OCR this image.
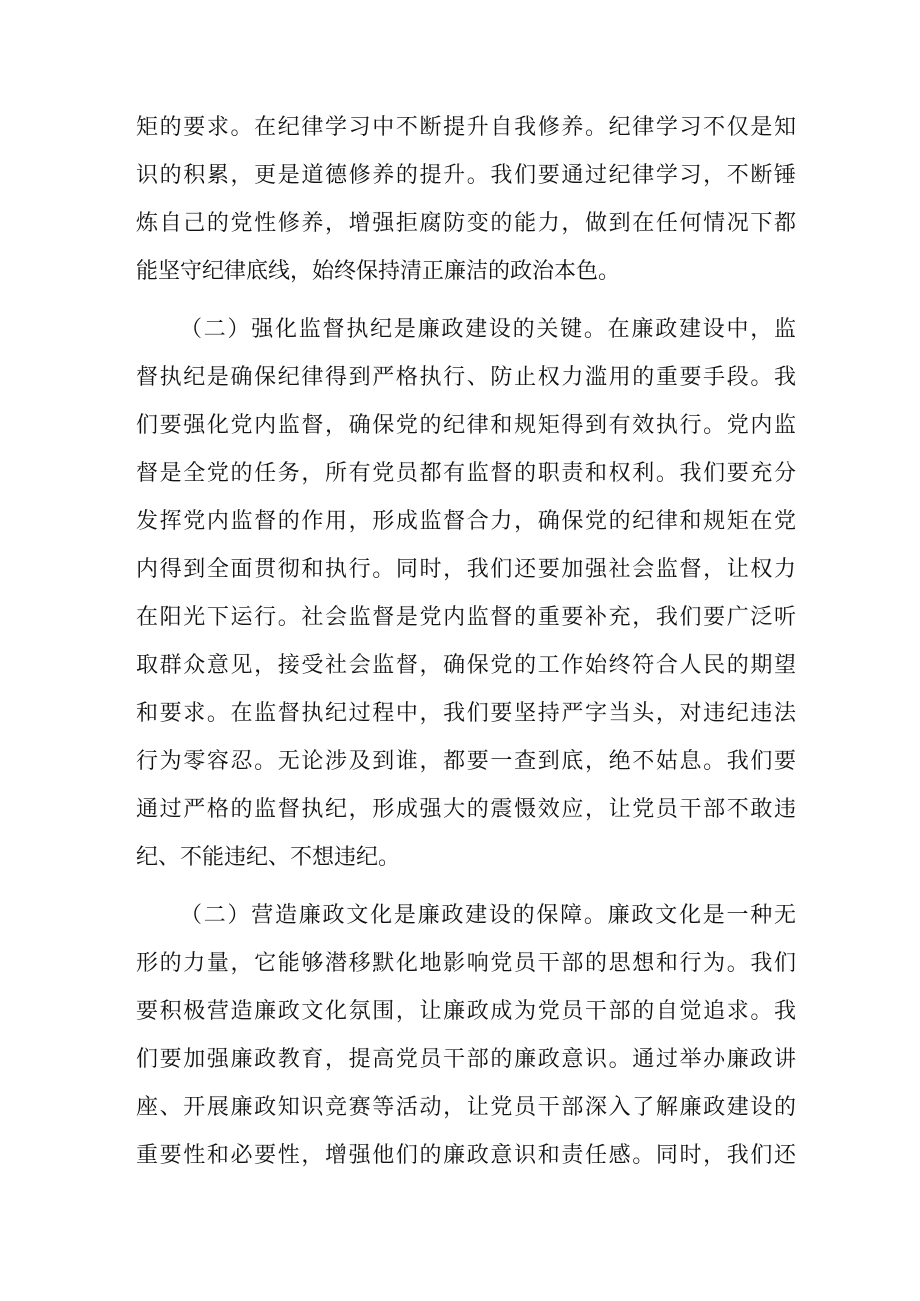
矩的要求。在纪律学习中不断提升自我修养。纪律学习不仅是知
识的积累，更是道德修养的提升。我们要通过纪律学习，不断锤
炼自己的党性修养，增强拒腐防变的能力，做到在任何情况下都
能坚守纪律底线，始终保持清正廉洁的政治本色。
（二）强化监督执纪是廉政建设的关键。在廉政建设中，监
督执纪是确保纪律得到严格执行、防止权力滥用的重要手段。我
们要强化党内监督，确保党的纪律和规矩得到有效执行。党内监
督是全党的任务，所有党员都有监督的职责和权利。我们要充分
发挥党内监督的作用，形成监督合力，确保党的纪律和规矩在党
内得到全面贯彻和执行。同时，我们还要加强社会监督，让权力
在阳光下运行。社会监督是党内监督的重要补充，我们要广泛听
取群众意见，接受社会监督，确保党的工作始终符合人民的期望
和要求。在监督执纪过程中，我们要坚持严字当头，对违纪违法
行为零容忍。无论涉及到谁，都要一查到底，绝不姑息。我们要
通过严格的监督执纪，形成强大的震慑效应，让党员干部不敢违
纪、不能违纪、不想违纪。
（二）营造廉政文化是廉政建设的保障。廉政文化是一种无
形的力量，它能够潜移默化地影响党员干部的思想和行为。我们
要积极营造廉政文化氛围，让廉政成为党员干部的自觉追求。我
们要加强廉政教育，提高党员干部的廉政意识。通过举办廉政讲
座、开展廉政知识竞赛等活动，让党员干部深入了解廉政建设的
重要性和必要性，增强他们的廉政意识和责任感。同时，我们还
